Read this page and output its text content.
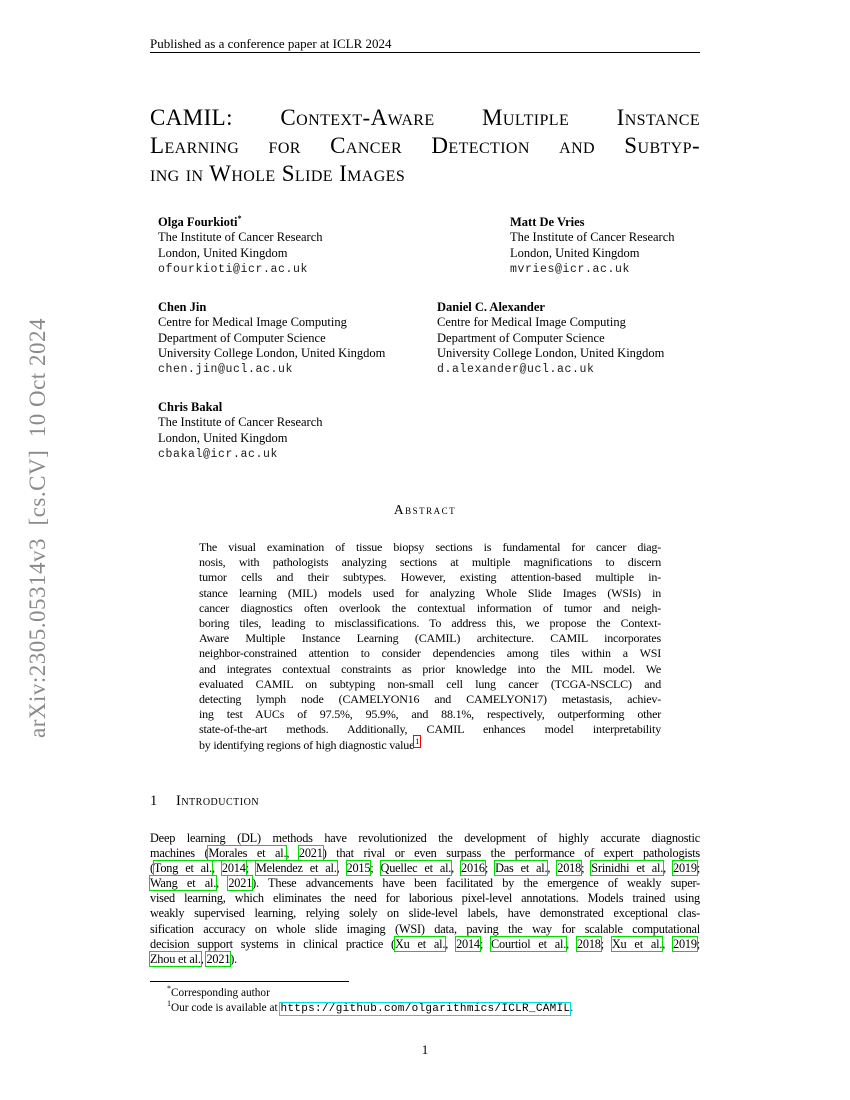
arXiv:2305.05314v3  [cs.CV]  10 Oct 2024
Published as a conference paper at ICLR 2024
CAMIL: Context-Aware Multiple Instance
Learning for Cancer Detection and Subtyp-
ing in Whole Slide Images
Olga Fourkioti*
The Institute of Cancer Research
London, United Kingdom
ofourkioti@icr.ac.uk
Matt De Vries
The Institute of Cancer Research
London, United Kingdom
mvries@icr.ac.uk
Chen Jin
Centre for Medical Image Computing
Department of Computer Science
University College London, United Kingdom
chen.jin@ucl.ac.uk
Daniel C. Alexander
Centre for Medical Image Computing
Department of Computer Science
University College London, United Kingdom
d.alexander@ucl.ac.uk
Chris Bakal
The Institute of Cancer Research
London, United Kingdom
cbakal@icr.ac.uk
Abstract
The visual examination of tissue biopsy sections is fundamental for cancer diag-
nosis, with pathologists analyzing sections at multiple magnifications to discern
tumor cells and their subtypes. However, existing attention-based multiple in-
stance learning (MIL) models used for analyzing Whole Slide Images (WSIs) in
cancer diagnostics often overlook the contextual information of tumor and neigh-
boring tiles, leading to misclassifications. To address this, we propose the Context-
Aware Multiple Instance Learning (CAMIL) architecture. CAMIL incorporates
neighbor-constrained attention to consider dependencies among tiles within a WSI
and integrates contextual constraints as prior knowledge into the MIL model. We
evaluated CAMIL on subtyping non-small cell lung cancer (TCGA-NSCLC) and
detecting lymph node (CAMELYON16 and CAMELYON17) metastasis, achiev-
ing test AUCs of 97.5%, 95.9%, and 88.1%, respectively, outperforming other
state-of-the-art methods. Additionally, CAMIL enhances model interpretability
by identifying regions of high diagnostic value$^1$
1 Introduction
Deep learning (DL) methods have revolutionized the development of highly accurate diagnostic
machines (Morales et al., 2021) that rival or even surpass the performance of expert pathologists
(Tong et al., 2014; Melendez et al., 2015; Quellec et al., 2016; Das et al., 2018; Srinidhi et al., 2019;
Wang et al., 2021). These advancements have been facilitated by the emergence of weakly super-
vised learning, which eliminates the need for laborious pixel-level annotations. Models trained using
weakly supervised learning, relying solely on slide-level labels, have demonstrated exceptional clas-
sification accuracy on whole slide imaging (WSI) data, paving the way for scalable computational
decision support systems in clinical practice (Xu et al., 2014; Courtiol et al., 2018; Xu et al., 2019;
Zhou et al., 2021).
*Corresponding author
$^1$Our code is available at https://github.com/olgarithmics/ICLR_CAMIL.
1
